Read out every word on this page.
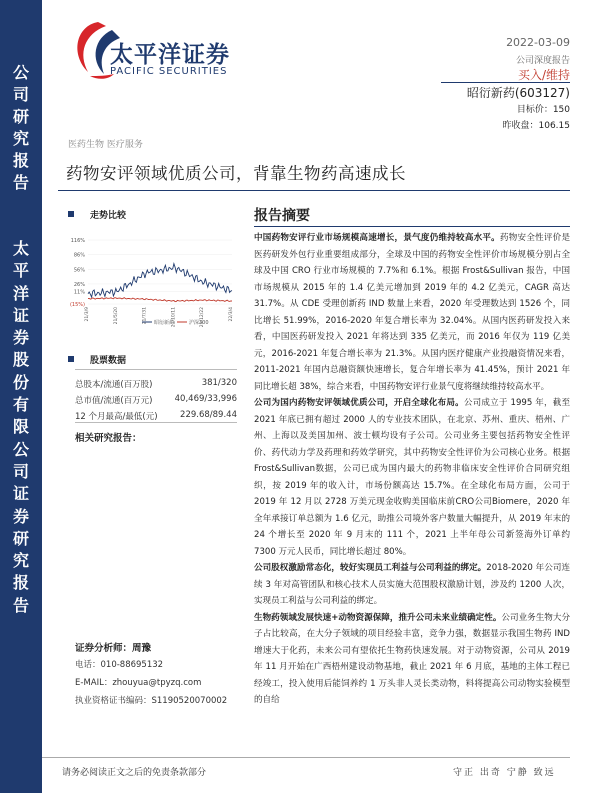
公
司
研
究
报
告
太
平
洋
证
券
股
份
有
限
公
司
证
券
研
究
报
告
太平洋证券
PACIFIC SECURITIES
2022-03-09
公司深度报告
买入/维持
昭衍新药(603127)
目标价：150
昨收盘：106.15
医药生物 医疗服务
药物安评领域优质公司，背靠生物药高速成长
走势比较
116%
86%
56%
26%
11%
(15%)
21/3/9	21/5/20	21/7/31	21/10/11	21/12/22	22/3/4
昭衍新药	沪深300
股票数据
总股本/流通(百万股)	381/320
总市值/流通(百万元)	40,469/33,996
12 个月最高/最低(元)	229.68/89.44
相关研究报告：
证券分析师：周豫
电话：010-88695132
E-MAIL：zhouyua@tpyzq.com
执业资格证书编码：S1190520070002
报告摘要

中国药物安评行业市场规模高速增长，景气度仍维持较高水平。药物安全性评价是医药研发外包行业重要组成部分，全球及中国的药物安全性评价市场规模分别占全球及中国 CRO 行业市场规模的 7.7%和 6.1%。根据 Frost&Sullivan 报告，中国市场规模从 2015 年的 1.4 亿美元增加到 2019 年的 4.2 亿美元，CAGR 高达 31.7%。从 CDE 受理创新药 IND 数量上来看，2020 年受理数达到 1526 个，同比增长 51.99%，2016-2020 年复合增长率为 32.04%。从国内医药研发投入来看，中国医药研发投入 2021 年将达到 335 亿美元，而 2016 年仅为 119 亿美元，2016-2021 年复合增长率为 21.3%。从国内医疗健康产业投融资情况来看，2011-2021 年国内总融资额快速增长，复合年增长率为 41.45%，预计 2021 年同比增长超 38%，综合来看，中国药物安评行业景气度将继续维持较高水平。

公司为国内药物安评领域优质公司，开启全球化布局。公司成立于 1995 年，截至 2021 年底已拥有超过 2000 人的专业技术团队，在北京、苏州、重庆、梧州、广州、上海以及美国加州、波士顿均设有子公司。公司业务主要包括药物安全性评价、药代动力学及药理和药效学研究，其中药物安全性评价为公司核心业务。根据Frost&Sullivan数据，公司已成为国内最大的药物非临床安全性评价合同研究组织，按 2019 年的收入计，市场份额高达 15.7%。在全球化布局方面，公司于 2019 年 12 月以 2728 万美元现金收购美国临床前CRO公司Biomere，2020 年全年承接订单总额为 1.6 亿元，助推公司境外客户数量大幅提升，从 2019 年末的 24 个增长至 2020 年 9 月末的 111 个，2021 上半年母公司新签海外订单约 7300 万元人民币，同比增长超过 80%。

公司股权激励常态化，较好实现员工利益与公司利益的绑定。2018-2020 年公司连续 3 年对高管团队和核心技术人员实施大范围股权激励计划，涉及约 1200 人次，实现员工利益与公司利益的绑定。

生物药领域发展快速+动物资源保障，推升公司未来业绩确定性。公司业务生物大分子占比较高，在大分子领域的项目经验丰富，竞争力强，数据显示我国生物药 IND 增速大于化药，未来公司有望依托生物药快速发展。对于动物资源，公司从 2019 年 11 月开始在广西梧州建设动物基地，截止 2021 年 6 月底，基地的主体工程已经竣工，投入使用后能饲养约 1 万头非人灵长类动物，料将提高公司动物实验模型的自给

请务必阅读正文之后的免责条款部分	守正 出奇 宁静 致远
